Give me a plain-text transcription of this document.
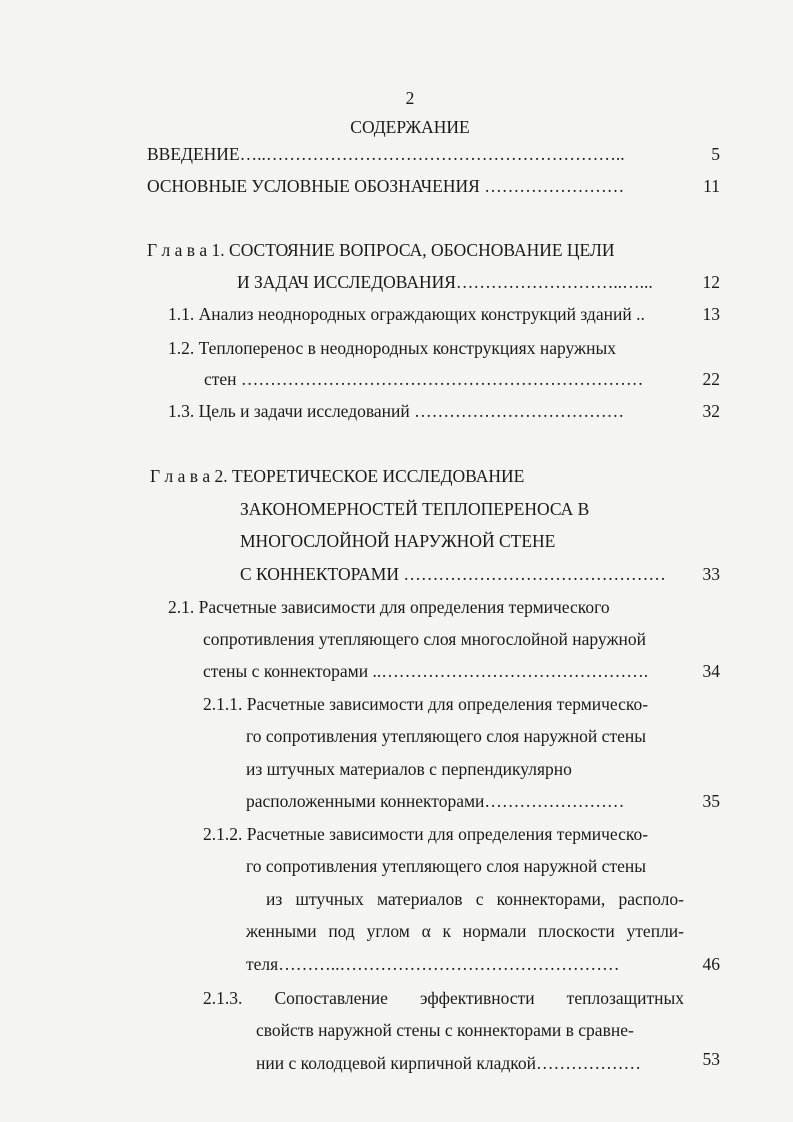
2
СОДЕРЖАНИЕ
ВВЕДЕНИЕ…..……………………………………………………..	5
ОСНОВНЫЕ УСЛОВНЫЕ ОБОЗНАЧЕНИЯ ……………………	11
Г л а в а 1. СОСТОЯНИЕ ВОПРОСА, ОБОСНОВАНИЕ ЦЕЛИ
И ЗАДАЧ ИССЛЕДОВАНИЯ………………………..…...	12
1.1. Анализ неоднородных ограждающих конструкций зданий ..	13
1.2. Теплоперенос в неоднородных конструкциях наружных
стен ……………………………………………………………	22
1.3. Цель и задачи исследований ………………………………	32
Г л а в а 2. ТЕОРЕТИЧЕСКОЕ ИССЛЕДОВАНИЕ
ЗАКОНОМЕРНОСТЕЙ ТЕПЛОПЕРЕНОСА В
МНОГОСЛОЙНОЙ НАРУЖНОЙ СТЕНЕ
С КОННЕКТОРАМИ ………………………………………	33
2.1. Расчетные зависимости для определения термического
сопротивления утепляющего слоя многослойной наружной
стены с коннекторами ..……………………………………….	34
2.1.1. Расчетные зависимости для определения термическо-
го сопротивления утепляющего слоя наружной стены
из штучных материалов с перпендикулярно
расположенными коннекторами……………………	35
2.1.2. Расчетные зависимости для определения термическо-
го сопротивления утепляющего слоя наружной стены
из штучных материалов с коннекторами, располо-
женными под углом α к нормали плоскости утепли-
теля………..…………………………………………	46
2.1.3. Сопоставление эффективности теплозащитных
свойств наружной стены с коннекторами в сравне-
нии с колодцевой кирпичной кладкой………………	53
